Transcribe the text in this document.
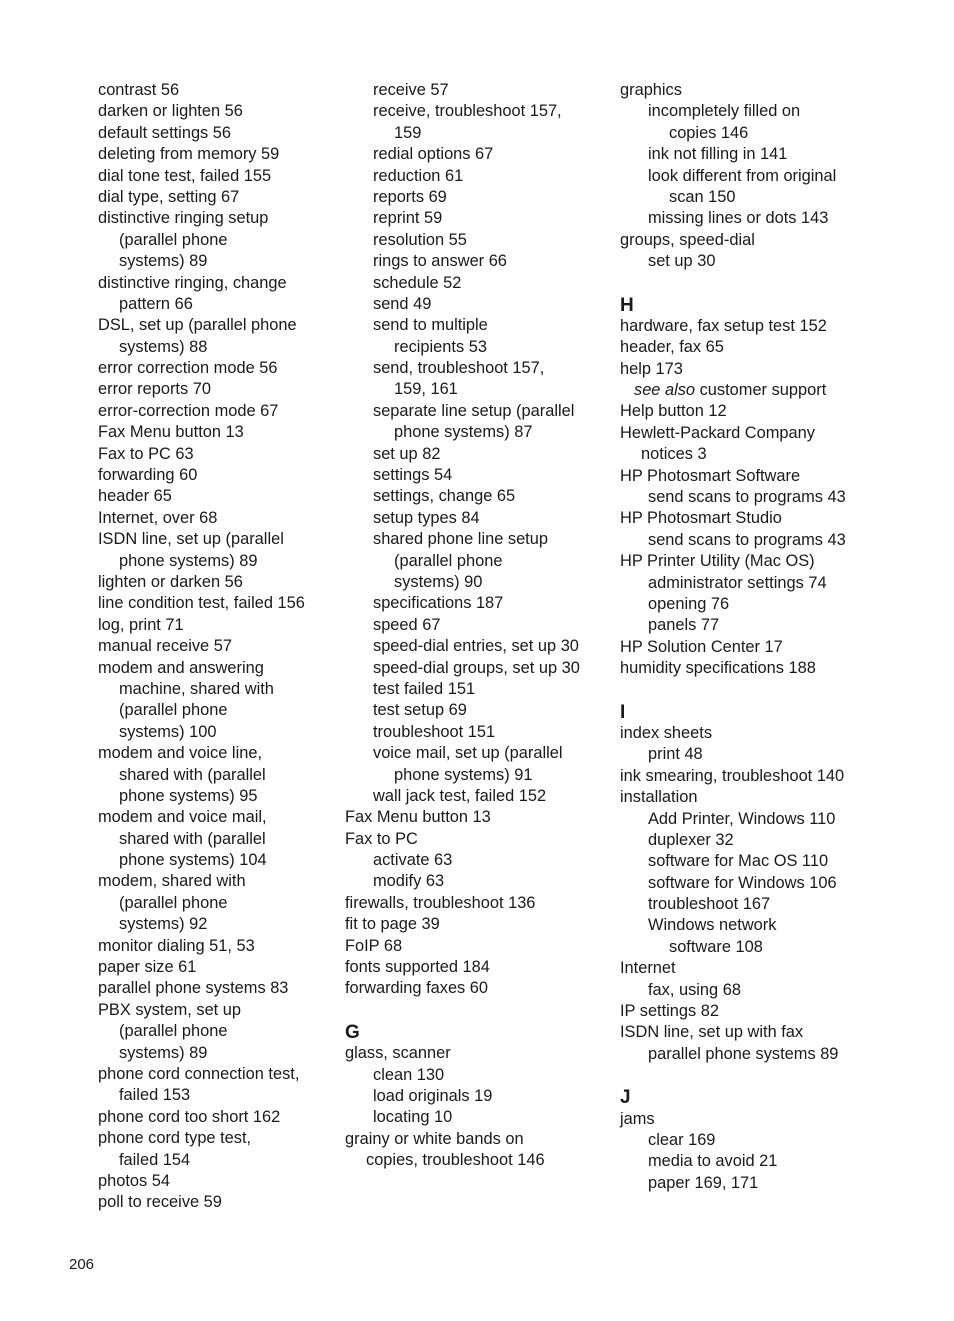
contrast 56
darken or lighten 56
default settings 56
deleting from memory 59
dial tone test, failed 155
dial type, setting 67
distinctive ringing setup
(parallel phone
systems) 89
distinctive ringing, change
pattern 66
DSL, set up (parallel phone
systems) 88
error correction mode 56
error reports 70
error-correction mode 67
Fax Menu button 13
Fax to PC 63
forwarding 60
header 65
Internet, over 68
ISDN line, set up (parallel
phone systems) 89
lighten or darken 56
line condition test, failed 156
log, print 71
manual receive 57
modem and answering
machine, shared with
(parallel phone
systems) 100
modem and voice line,
shared with (parallel
phone systems) 95
modem and voice mail,
shared with (parallel
phone systems) 104
modem, shared with
(parallel phone
systems) 92
monitor dialing 51, 53
paper size 61
parallel phone systems 83
PBX system, set up
(parallel phone
systems) 89
phone cord connection test,
failed 153
phone cord too short 162
phone cord type test,
failed 154
photos 54
poll to receive 59
receive 57
receive, troubleshoot 157,
159
redial options 67
reduction 61
reports 69
reprint 59
resolution 55
rings to answer 66
schedule 52
send 49
send to multiple
recipients 53
send, troubleshoot 157,
159, 161
separate line setup (parallel
phone systems) 87
set up 82
settings 54
settings, change 65
setup types 84
shared phone line setup
(parallel phone
systems) 90
specifications 187
speed 67
speed-dial entries, set up 30
speed-dial groups, set up 30
test failed 151
test setup 69
troubleshoot 151
voice mail, set up (parallel
phone systems) 91
wall jack test, failed 152
Fax Menu button 13
Fax to PC
activate 63
modify 63
firewalls, troubleshoot 136
fit to page 39
FoIP 68
fonts supported 184
forwarding faxes 60
G
glass, scanner
clean 130
load originals 19
locating 10
grainy or white bands on
copies, troubleshoot 146
graphics
incompletely filled on
copies 146
ink not filling in 141
look different from original
scan 150
missing lines or dots 143
groups, speed-dial
set up 30
H
hardware, fax setup test 152
header, fax 65
help 173
see also customer support
Help button 12
Hewlett-Packard Company
notices 3
HP Photosmart Software
send scans to programs 43
HP Photosmart Studio
send scans to programs 43
HP Printer Utility (Mac OS)
administrator settings 74
opening 76
panels 77
HP Solution Center 17
humidity specifications 188
I
index sheets
print 48
ink smearing, troubleshoot 140
installation
Add Printer, Windows 110
duplexer 32
software for Mac OS 110
software for Windows 106
troubleshoot 167
Windows network
software 108
Internet
fax, using 68
IP settings 82
ISDN line, set up with fax
parallel phone systems 89
J
jams
clear 169
media to avoid 21
paper 169, 171
206
